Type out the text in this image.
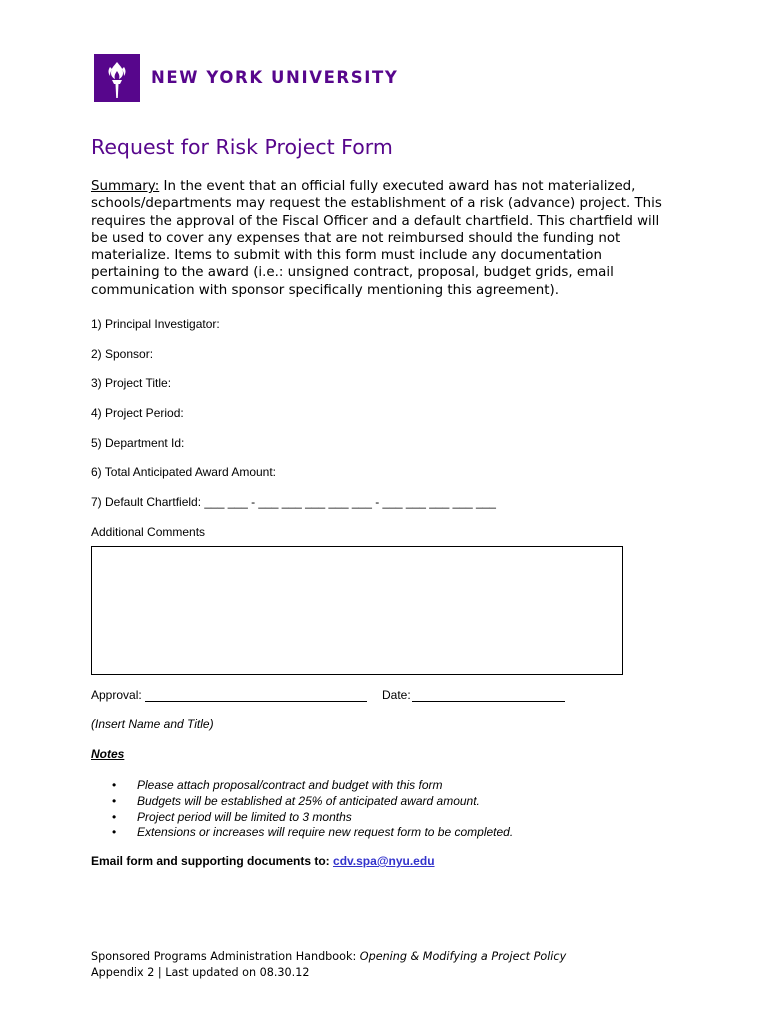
NEW YORK UNIVERSITY
Request for Risk Project Form
Summary: In the event that an official fully executed award has not materialized,
schools/departments may request the establishment of a risk (advance) project. This
requires the approval of the Fiscal Officer and a default chartfield. This chartfield will
be used to cover any expenses that are not reimbursed should the funding not
materialize. Items to submit with this form must include any documentation
pertaining to the award (i.e.: unsigned contract, proposal, budget grids, email
communication with sponsor specifically mentioning this agreement).
1) Principal Investigator:
2) Sponsor:
3) Project Title:
4) Project Period:
5) Department Id:
6) Total Anticipated Award Amount:
7) Default Chartfield: ___ ___ - ___ ___ ___ ___ ___ - ___ ___ ___ ___ ___
Additional Comments
Approval:	Date:
(Insert Name and Title)
Notes
• Please attach proposal/contract and budget with this form
• Budgets will be established at 25% of anticipated award amount.
• Project period will be limited to 3 months
• Extensions or increases will require new request form to be completed.
Email form and supporting documents to: cdv.spa@nyu.edu
Sponsored Programs Administration Handbook: Opening & Modifying a Project Policy
Appendix 2 | Last updated on 08.30.12
